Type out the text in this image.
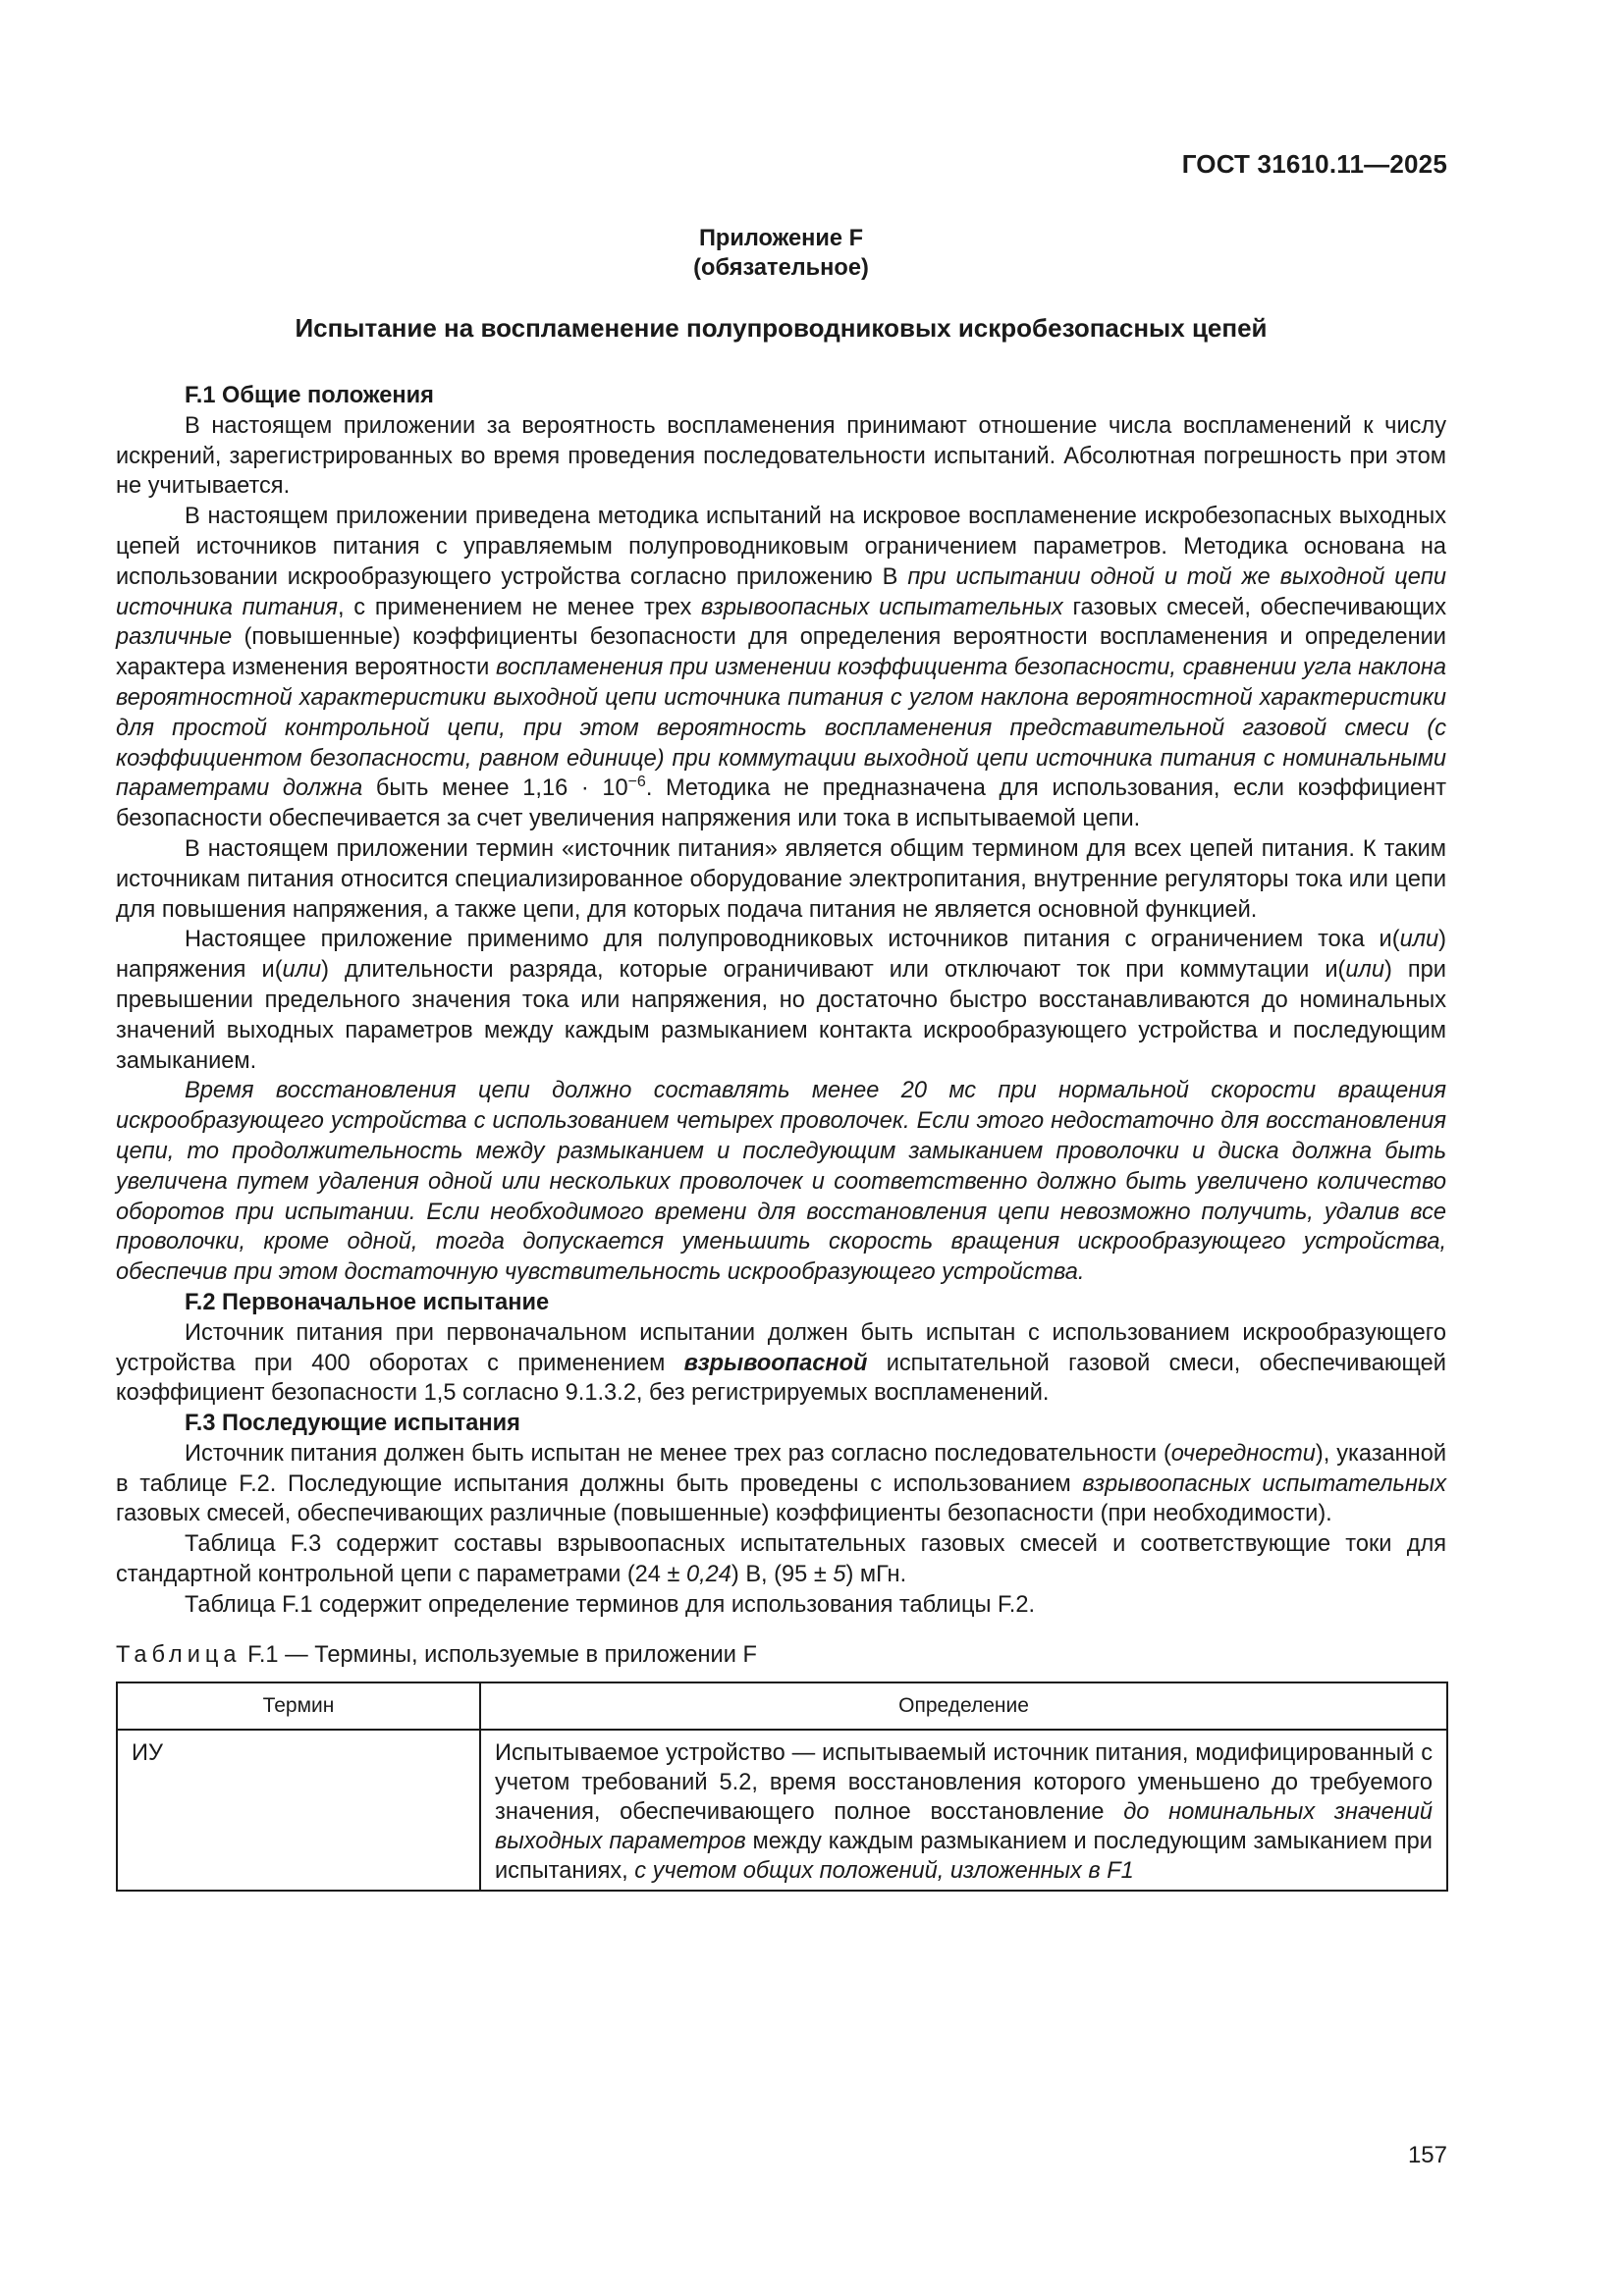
ГОСТ 31610.11—2025
Приложение F
(обязательное)
Испытание на воспламенение полупроводниковых искробезопасных цепей
F.1 Общие положения

В настоящем приложении за вероятность воспламенения принимают отношение числа воспламенений к числу искрений, зарегистрированных во время проведения последовательности испытаний. Абсолютная погрешность при этом не учитывается.

В настоящем приложении приведена методика испытаний на искровое воспламенение искробезопасных выходных цепей источников питания с управляемым полупроводниковым ограничением параметров. Методика основана на использовании искрообразующего устройства согласно приложению B при испытании одной и той же выходной цепи источника питания, с применением не менее трех взрывоопасных испытательных газовых смесей, обеспечивающих различные (повышенные) коэффициенты безопасности для определения вероятности воспламенения и определении характера изменения вероятности воспламенения при изменении коэффициента безопасности, сравнении угла наклона вероятностной характеристики выходной цепи источника питания с углом наклона вероятностной характеристики для простой контрольной цепи, при этом вероятность воспламенения представительной газовой смеси (с коэффициентом безопасности, равном единице) при коммутации выходной цепи источника питания с номинальными параметрами должна быть менее $1,16 \cdot 10^{-6}$. Методика не предназначена для использования, если коэффициент безопасности обеспечивается за счет увеличения напряжения или тока в испытываемой цепи.

В настоящем приложении термин «источник питания» является общим термином для всех цепей питания. К таким источникам питания относится специализированное оборудование электропитания, внутренние регуляторы тока или цепи для повышения напряжения, а также цепи, для которых подача питания не является основной функцией.

Настоящее приложение применимо для полупроводниковых источников питания с ограничением тока и(или) напряжения и(или) длительности разряда, которые ограничивают или отключают ток при коммутации и(или) при превышении предельного значения тока или напряжения, но достаточно быстро восстанавливаются до номинальных значений выходных параметров между каждым размыканием контакта искрообразующего устройства и последующим замыканием.

Время восстановления цепи должно составлять менее 20 мс при нормальной скорости вращения искрообразующего устройства с использованием четырех проволочек. Если этого недостаточно для восстановления цепи, то продолжительность между размыканием и последующим замыканием проволочки и диска должна быть увеличена путем удаления одной или нескольких проволочек и соответственно должно быть увеличено количество оборотов при испытании. Если необходимого времени для восстановления цепи невозможно получить, удалив все проволочки, кроме одной, тогда допускается уменьшить скорость вращения искрообразующего устройства, обеспечив при этом достаточную чувствительность искрообразующего устройства.

F.2 Первоначальное испытание

Источник питания при первоначальном испытании должен быть испытан с использованием искрообразующего устройства при 400 оборотах с применением взрывоопасной испытательной газовой смеси, обеспечивающей коэффициент безопасности 1,5 согласно 9.1.3.2, без регистрируемых воспламенений.

F.3 Последующие испытания

Источник питания должен быть испытан не менее трех раз согласно последовательности (очередности), указанной в таблице F.2. Последующие испытания должны быть проведены с использованием взрывоопасных испытательных газовых смесей, обеспечивающих различные (повышенные) коэффициенты безопасности (при необходимости).

Таблица F.3 содержит составы взрывоопасных испытательных газовых смесей и соответствующие токи для стандартной контрольной цепи с параметрами (24 ± 0,24) В, (95 ± 5) мГн.

Таблица F.1 содержит определение терминов для использования таблицы F.2.

Таблица F.1 — Термины, используемые в приложении F
Термин	Определение
ИУ	Испытываемое устройство — испытываемый источник питания, модифицированный с учетом требований 5.2, время восстановления которого уменьшено до требуемого значения, обеспечивающего полное восстановление до номинальных значений выходных параметров между каждым размыканием и последующим замыканием при испытаниях, с учетом общих положений, изложенных в F1
157
